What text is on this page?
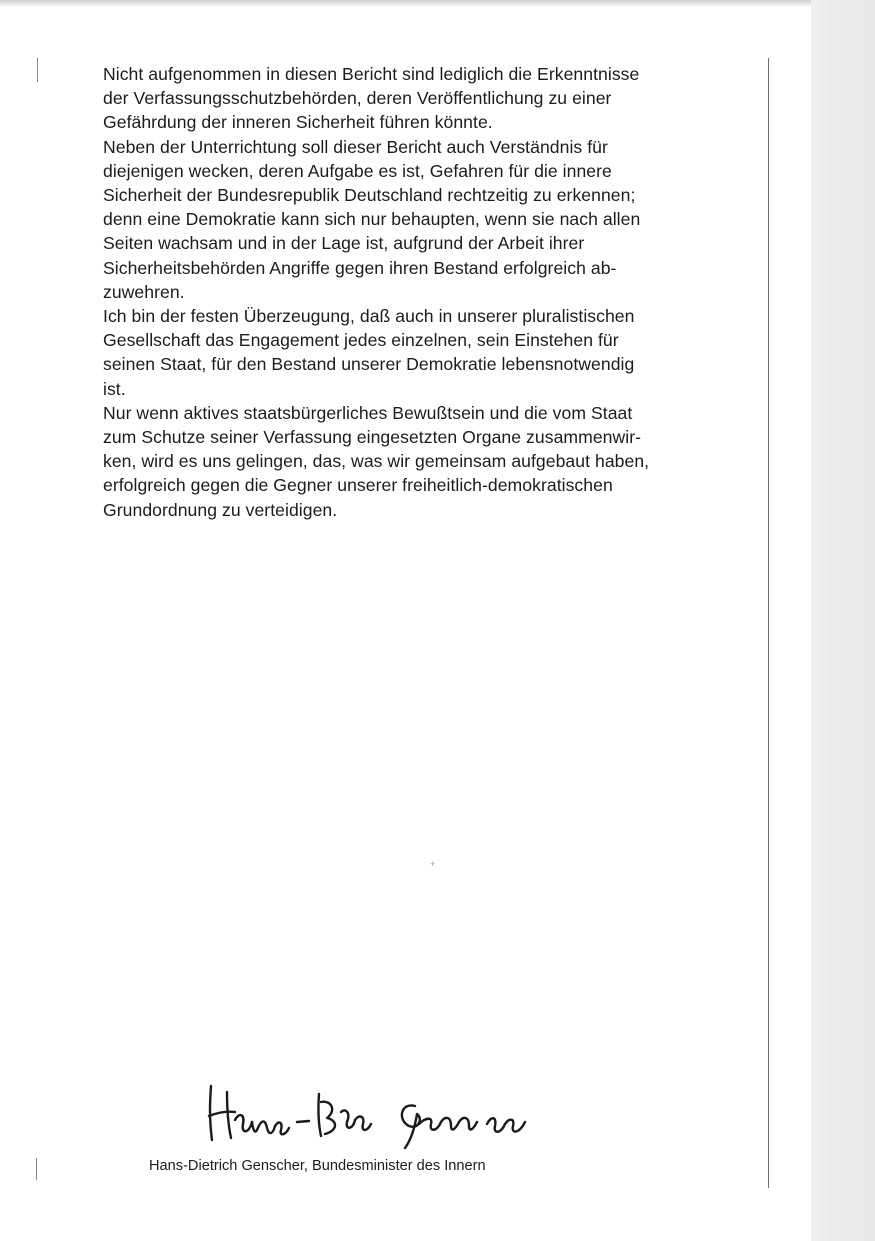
+
Nicht aufgenommen in diesen Bericht sind lediglich die Erkenntnisse
der Verfassungsschutzbehörden, deren Veröffentlichung zu einer
Gefährdung der inneren Sicherheit führen könnte.
Neben der Unterrichtung soll dieser Bericht auch Verständnis für
diejenigen wecken, deren Aufgabe es ist, Gefahren für die innere
Sicherheit der Bundesrepublik Deutschland rechtzeitig zu erkennen;
denn eine Demokratie kann sich nur behaupten, wenn sie nach allen
Seiten wachsam und in der Lage ist, aufgrund der Arbeit ihrer
Sicherheitsbehörden Angriffe gegen ihren Bestand erfolgreich ab-
zuwehren.
Ich bin der festen Überzeugung, daß auch in unserer pluralistischen
Gesellschaft das Engagement jedes einzelnen, sein Einstehen für
seinen Staat, für den Bestand unserer Demokratie lebensnotwendig
ist.
Nur wenn aktives staatsbürgerliches Bewußtsein und die vom Staat
zum Schutze seiner Verfassung eingesetzten Organe zusammenwir-
ken, wird es uns gelingen, das, was wir gemeinsam aufgebaut haben,
erfolgreich gegen die Gegner unserer freiheitlich-demokratischen
Grundordnung zu verteidigen.

Hans-Dietrich Genscher, Bundesminister des Innern
